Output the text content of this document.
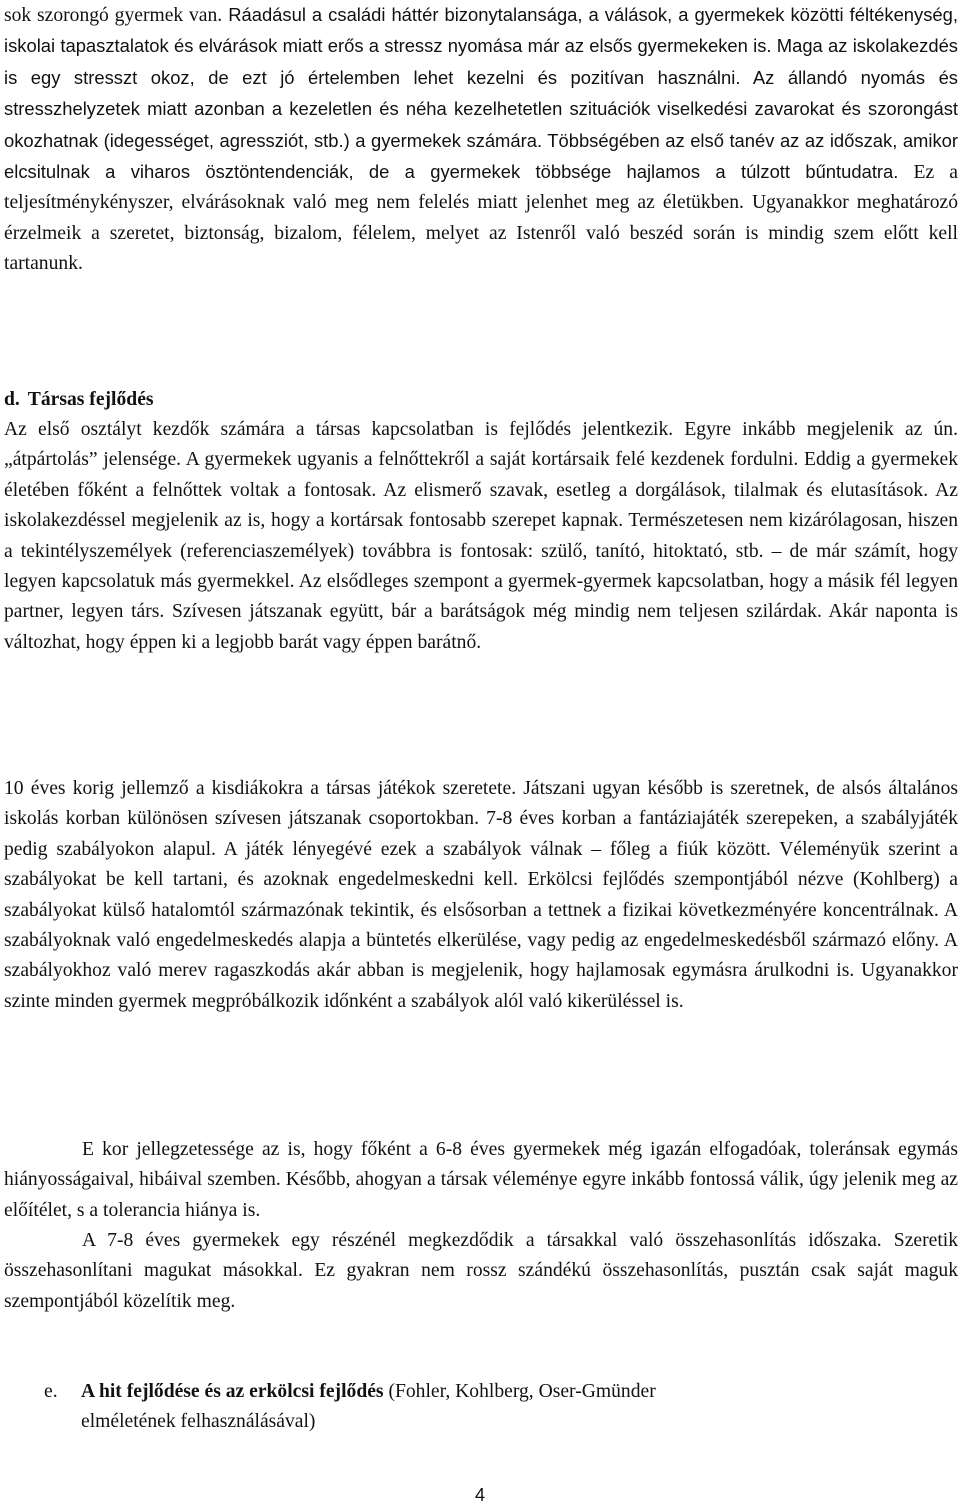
sok szorongó gyermek van. Ráadásul a családi háttér bizonytalansága, a válások, a gyermekek közötti féltékenység, iskolai tapasztalatok és elvárások miatt erős a stressz nyomása már az elsős gyermekeken is. Maga az iskolakezdés is egy stresszt okoz, de ezt jó értelemben lehet kezelni és pozitívan használni. Az állandó nyomás és stresszhelyzetek miatt azonban a kezeletlen és néha kezelhetetlen szituációk viselkedési zavarokat és szorongást okozhatnak (idegességet, agressziót, stb.) a gyermekek számára. Többségében az első tanév az az időszak, amikor elcsitulnak a viharos ösztöntendenciák, de a gyermekek többsége hajlamos a túlzott bűntudatra. Ez a teljesítménykényszer, elvárásoknak való meg nem felelés miatt jelenhet meg az életükben. Ugyanakkor meghatározó érzelmeik a szeretet, biztonság, bizalom, félelem, melyet az Istenről való beszéd során is mindig szem előtt kell tartanunk.

d. Társas fejlődés

Az első osztályt kezdők számára a társas kapcsolatban is fejlődés jelentkezik. Egyre inkább megjelenik az ún. „átpártolás” jelensége. A gyermekek ugyanis a felnőttekről a saját kortársaik felé kezdenek fordulni. Eddig a gyermekek életében főként a felnőttek voltak a fontosak. Az elismerő szavak, esetleg a dorgálások, tilalmak és elutasítások. Az iskolakezdéssel megjelenik az is, hogy a kortársak fontosabb szerepet kapnak. Természetesen nem kizárólagosan, hiszen a tekintélyszemélyek (referenciaszemélyek) továbbra is fontosak: szülő, tanító, hitoktató, stb. – de már számít, hogy legyen kapcsolatuk más gyermekkel. Az elsődleges szempont a gyermek-gyermek kapcsolatban, hogy a másik fél legyen partner, legyen társ. Szívesen játszanak együtt, bár a barátságok még mindig nem teljesen szilárdak. Akár naponta is változhat, hogy éppen ki a legjobb barát vagy éppen barátnő.

10 éves korig jellemző a kisdiákokra a társas játékok szeretete. Játszani ugyan később is szeretnek, de alsós általános iskolás korban különösen szívesen játszanak csoportokban. 7-8 éves korban a fantáziajáték szerepeken, a szabályjáték pedig szabályokon alapul. A játék lényegévé ezek a szabályok válnak – főleg a fiúk között. Véleményük szerint a szabályokat be kell tartani, és azoknak engedelmeskedni kell. Erkölcsi fejlődés szempontjából nézve (Kohlberg) a szabályokat külső hatalomtól származónak tekintik, és elsősorban a tettnek a fizikai következményére koncentrálnak. A szabályoknak való engedelmeskedés alapja a büntetés elkerülése, vagy pedig az engedelmeskedésből származó előny. A szabályokhoz való merev ragaszkodás akár abban is megjelenik, hogy hajlamosak egymásra árulkodni is. Ugyanakkor szinte minden gyermek megpróbálkozik időnként a szabályok alól való kikerüléssel is.

E kor jellegzetessége az is, hogy főként a 6-8 éves gyermekek még igazán elfogadóak, toleránsak egymás hiányosságaival, hibáival szemben. Később, ahogyan a társak véleménye egyre inkább fontossá válik, úgy jelenik meg az előítélet, s a tolerancia hiánya is.

A 7-8 éves gyermekek egy részénél megkezdődik a társakkal való összehasonlítás időszaka. Szeretik összehasonlítani magukat másokkal. Ez gyakran nem rossz szándékú összehasonlítás, pusztán csak saját maguk szempontjából közelítik meg.

e. A hit fejlődése és az erkölcsi fejlődés (Fohler, Kohlberg, Oser-Gmünder
elméletének felhasználásával)

4
